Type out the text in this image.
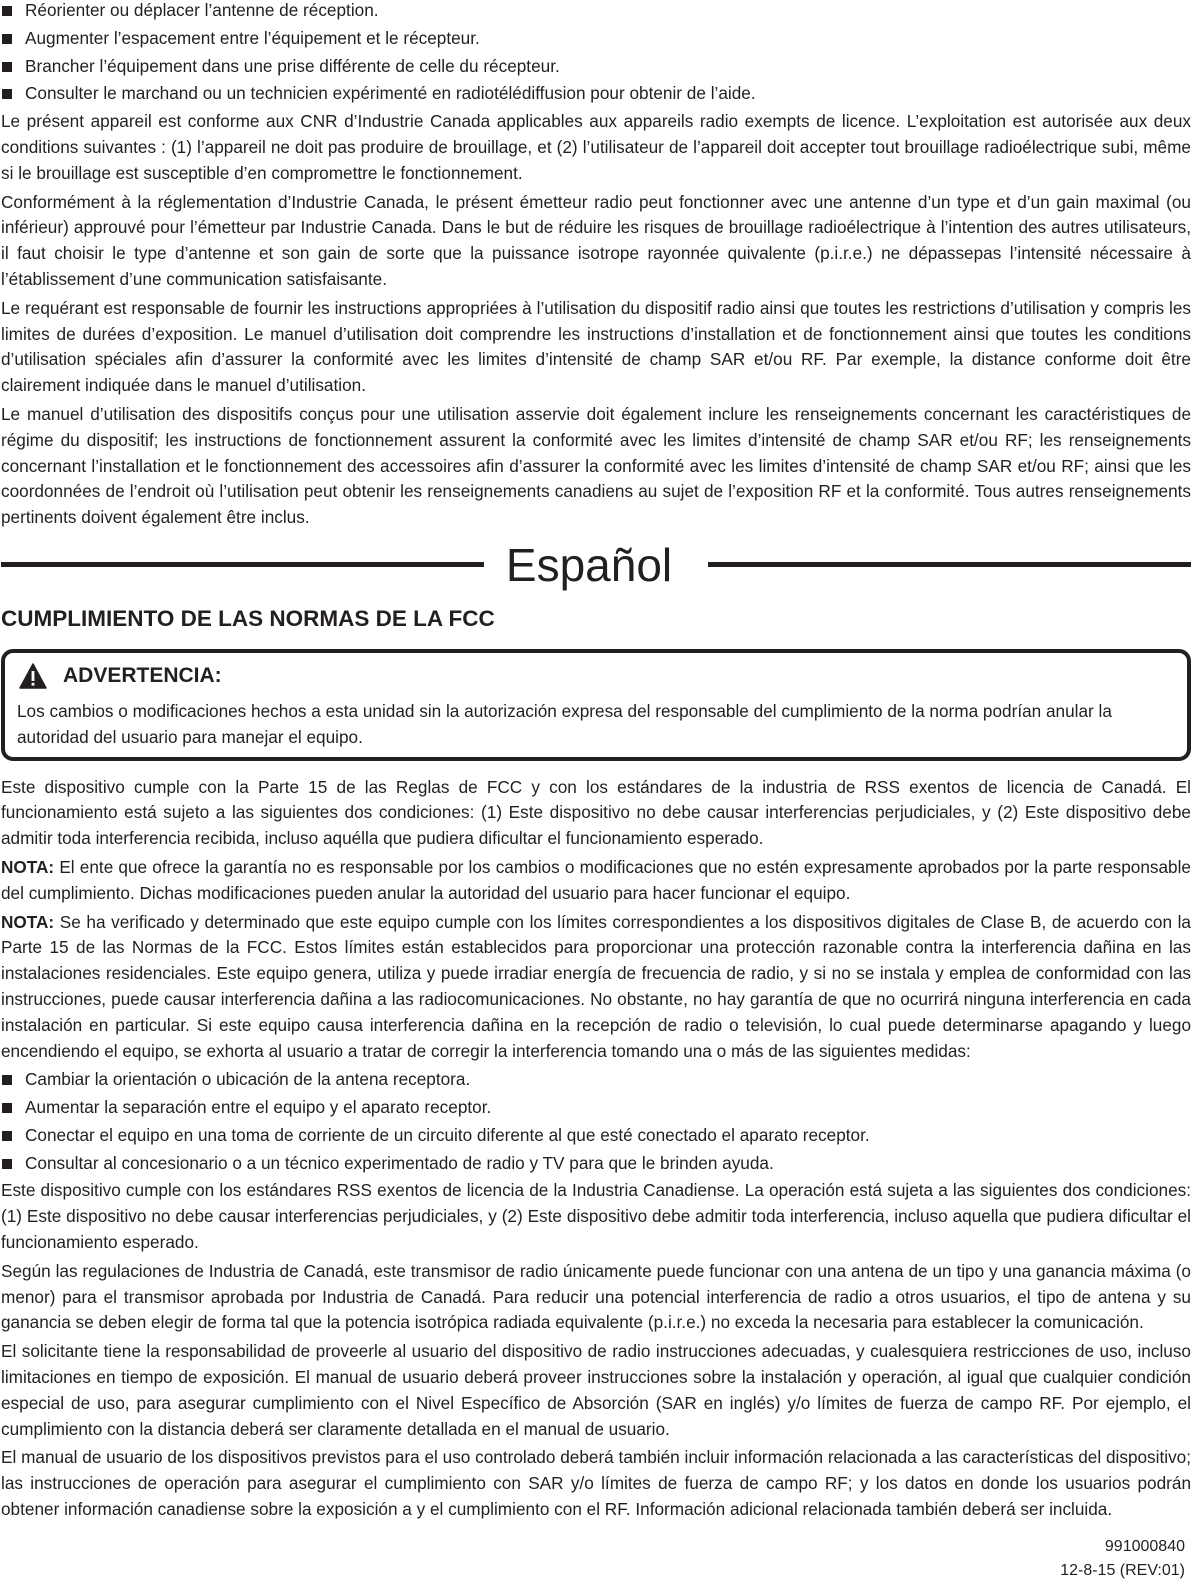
Réorienter ou déplacer l’antenne de réception.
Augmenter l’espacement entre l’équipement et le récepteur.
Brancher l’équipement dans une prise différente de celle du récepteur.
Consulter le marchand ou un technicien expérimenté en radiotélédiffusion pour obtenir de l’aide.

Le présent appareil est conforme aux CNR d’Industrie Canada applicables aux appareils radio exempts de licence. L’exploitation est autorisée aux deux conditions suivantes : (1) l’appareil ne doit pas produire de brouillage, et (2) l’utilisateur de l’appareil doit accepter tout brouillage radioélectrique subi, même si le brouillage est susceptible d’en compromettre le fonctionnement.

Conformément à la réglementation d’Industrie Canada, le présent émetteur radio peut fonctionner avec une antenne d’un type et d’un gain maximal (ou inférieur) approuvé pour l’émetteur par Industrie Canada. Dans le but de réduire les risques de brouillage radioélectrique à l’intention des autres utilisateurs, il faut choisir le type d’antenne et son gain de sorte que la puissance isotrope rayonnée quivalente (p.i.r.e.) ne dépassepas l’intensité nécessaire à l’établissement d’une communication satisfaisante.

Le requérant est responsable de fournir les instructions appropriées à l’utilisation du dispositif radio ainsi que toutes les restrictions d’utilisation y compris les limites de durées d’exposition. Le manuel d’utilisation doit comprendre les instructions d’installation et de fonctionnement ainsi que toutes les conditions d’utilisation spéciales afin d’assurer la conformité avec les limites d’intensité de champ SAR et/ou RF. Par exemple, la distance conforme doit être clairement indiquée dans le manuel d’utilisation.

Le manuel d’utilisation des dispositifs conçus pour une utilisation asservie doit également inclure les renseignements concernant les caractéristiques de régime du dispositif; les instructions de fonctionnement assurent la conformité avec les limites d’intensité de champ SAR et/ou RF; les renseignements concernant l’installation et le fonctionnement des accessoires afin d’assurer la conformité avec les limites d’intensité de champ SAR et/ou RF; ainsi que les coordonnées de l’endroit où l’utilisation peut obtenir les renseignements canadiens au sujet de l’exposition RF et la conformité. Tous autres renseignements pertinents doivent également être inclus.

Español
CUMPLIMIENTO DE LAS NORMAS DE LA FCC
ADVERTENCIA:

Los cambios o modificaciones hechos a esta unidad sin la autorización expresa del responsable del cumplimiento de la norma podrían anular la autoridad del usuario para manejar el equipo.

Este dispositivo cumple con la Parte 15 de las Reglas de FCC y con los estándares de la industria de RSS exentos de licencia de Canadá. El funcionamiento está sujeto a las siguientes dos condiciones: (1) Este dispositivo no debe causar interferencias perjudiciales, y (2) Este dispositivo debe admitir toda interferencia recibida, incluso aquélla que pudiera dificultar el funcionamiento esperado.

NOTA: El ente que ofrece la garantía no es responsable por los cambios o modificaciones que no estén expresamente aprobados por la parte responsable del cumplimiento. Dichas modificaciones pueden anular la autoridad del usuario para hacer funcionar el equipo.

NOTA: Se ha verificado y determinado que este equipo cumple con los límites correspondientes a los dispositivos digitales de Clase B, de acuerdo con la Parte 15 de las Normas de la FCC. Estos límites están establecidos para proporcionar una protección razonable contra la interferencia dañina en las instalaciones residenciales. Este equipo genera, utiliza y puede irradiar energía de frecuencia de radio, y si no se instala y emplea de conformidad con las instrucciones, puede causar interferencia dañina a las radiocomunicaciones. No obstante, no hay garantía de que no ocurrirá ninguna interferencia en cada instalación en particular. Si este equipo causa interferencia dañina en la recepción de radio o televisión, lo cual puede determinarse apagando y luego encendiendo el equipo, se exhorta al usuario a tratar de corregir la interferencia tomando una o más de las siguientes medidas:

Cambiar la orientación o ubicación de la antena receptora.
Aumentar la separación entre el equipo y el aparato receptor.
Conectar el equipo en una toma de corriente de un circuito diferente al que esté conectado el aparato receptor.
Consultar al concesionario o a un técnico experimentado de radio y TV para que le brinden ayuda.

Este dispositivo cumple con los estándares RSS exentos de licencia de la Industria Canadiense. La operación está sujeta a las siguientes dos condiciones: (1) Este dispositivo no debe causar interferencias perjudiciales, y (2) Este dispositivo debe admitir toda interferencia, incluso aquella que pudiera dificultar el funcionamiento esperado.

Según las regulaciones de Industria de Canadá, este transmisor de radio únicamente puede funcionar con una antena de un tipo y una ganancia máxima (o menor) para el transmisor aprobada por Industria de Canadá. Para reducir una potencial interferencia de radio a otros usuarios, el tipo de antena y su ganancia se deben elegir de forma tal que la potencia isotrópica radiada equivalente (p.i.r.e.) no exceda la necesaria para establecer la comunicación.

El solicitante tiene la responsabilidad de proveerle al usuario del dispositivo de radio instrucciones adecuadas, y cualesquiera restricciones de uso, incluso limitaciones en tiempo de exposición. El manual de usuario deberá proveer instrucciones sobre la instalación y operación, al igual que cualquier condición especial de uso, para asegurar cumplimiento con el Nivel Específico de Absorción (SAR en inglés) y/o límites de fuerza de campo RF. Por ejemplo, el cumplimiento con la distancia deberá ser claramente detallada en el manual de usuario.

El manual de usuario de los dispositivos previstos para el uso controlado deberá también incluir información relacionada a las características del dispositivo; las instrucciones de operación para asegurar el cumplimiento con SAR y/o límites de fuerza de campo RF; y los datos en donde los usuarios podrán obtener información canadiense sobre la exposición a y el cumplimiento con el RF. Información adicional relacionada también deberá ser incluida.

991000840
12-8-15 (REV:01)
